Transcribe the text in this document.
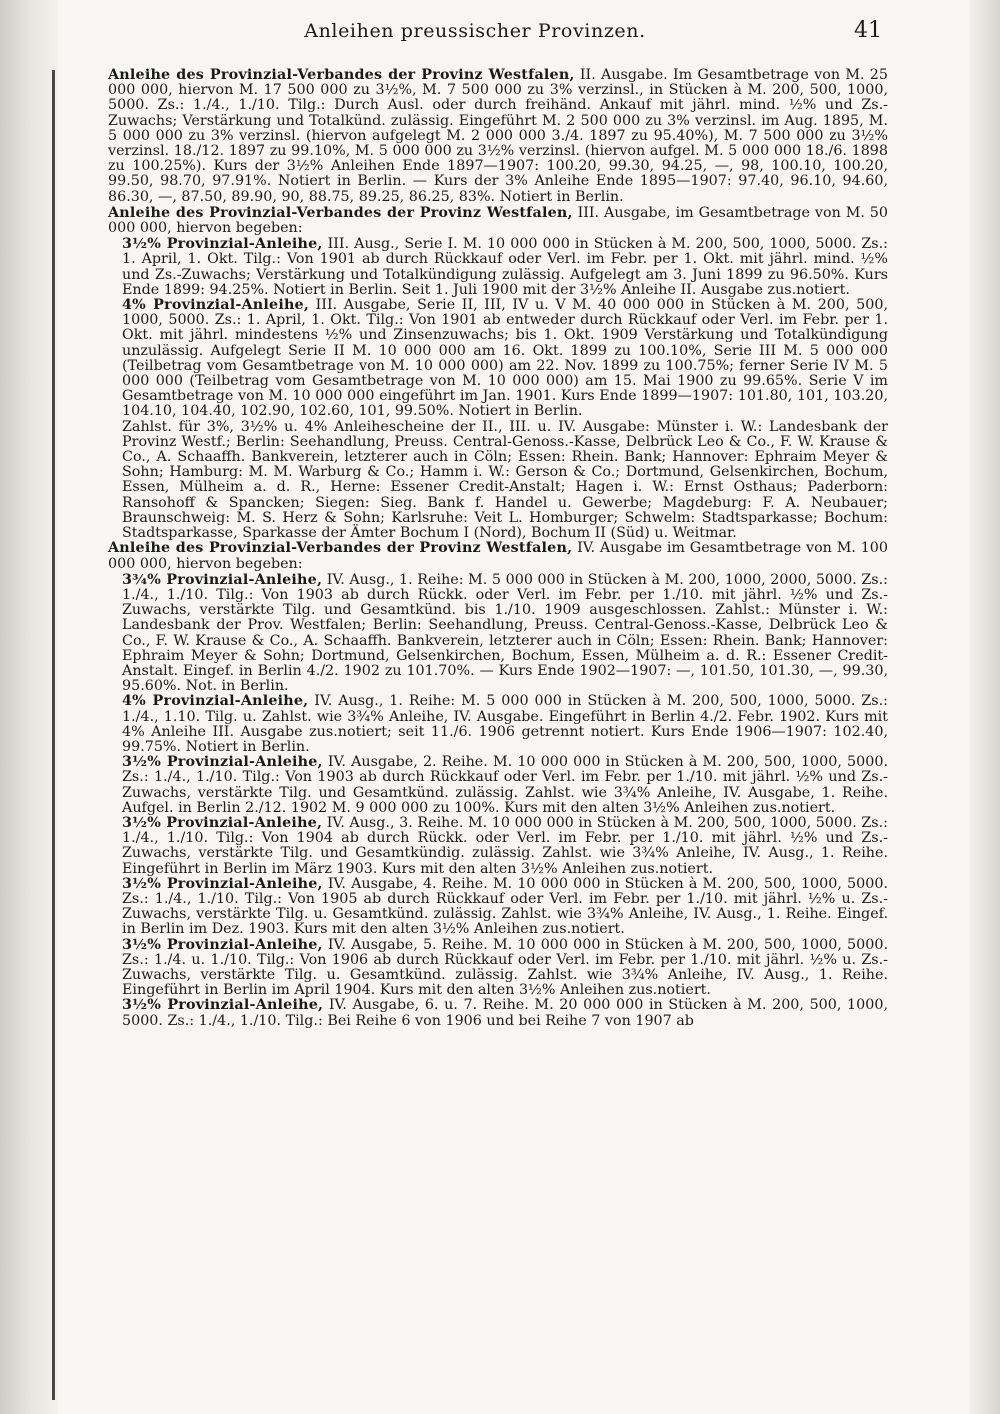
Anleihen preussischer Provinzen.	41

Anleihe des Provinzial-Verbandes der Provinz Westfalen, II. Ausgabe. Im Gesamtbetrage von M. 25 000 000, hiervon M. 17 500 000 zu 3½%, M. 7 500 000 zu 3% verzinsl., in Stücken à M. 200, 500, 1000, 5000. Zs.: 1./4., 1./10. Tilg.: Durch Ausl. oder durch freihänd. Ankauf mit jährl. mind. ½% und Zs.-Zuwachs; Verstärkung und Totalkünd. zulässig. Eingeführt M. 2 500 000 zu 3% verzinsl. im Aug. 1895, M. 5 000 000 zu 3% verzinsl. (hiervon aufgelegt M. 2 000 000 3./4. 1897 zu 95.40%), M. 7 500 000 zu 3½% verzinsl. 18./12. 1897 zu 99.10%, M. 5 000 000 zu 3½% verzinsl. (hiervon aufgel. M. 5 000 000 18./6. 1898 zu 100.25%). Kurs der 3½% Anleihen Ende 1897—1907: 100.20, 99.30, 94.25, —, 98, 100.10, 100.20, 99.50, 98.70, 97.91%. Notiert in Berlin. — Kurs der 3% Anleihe Ende 1895—1907: 97.40, 96.10, 94.60, 86.30, —, 87.50, 89.90, 90, 88.75, 89.25, 86.25, 83%. Notiert in Berlin.

Anleihe des Provinzial-Verbandes der Provinz Westfalen, III. Ausgabe, im Gesamtbetrage von M. 50 000 000, hiervon begeben:

3½% Provinzial-Anleihe, III. Ausg., Serie I. M. 10 000 000 in Stücken à M. 200, 500, 1000, 5000. Zs.: 1. April, 1. Okt. Tilg.: Von 1901 ab durch Rückkauf oder Verl. im Febr. per 1. Okt. mit jährl. mind. ½% und Zs.-Zuwachs; Verstärkung und Totalkündigung zulässig. Aufgelegt am 3. Juni 1899 zu 96.50%. Kurs Ende 1899: 94.25%. Notiert in Berlin. Seit 1. Juli 1900 mit der 3½% Anleihe II. Ausgabe zus.notiert.

4% Provinzial-Anleihe, III. Ausgabe, Serie II, III, IV u. V M. 40 000 000 in Stücken à M. 200, 500, 1000, 5000. Zs.: 1. April, 1. Okt. Tilg.: Von 1901 ab entweder durch Rückkauf oder Verl. im Febr. per 1. Okt. mit jährl. mindestens ½% und Zinsenzuwachs; bis 1. Okt. 1909 Verstärkung und Totalkündigung unzulässig. Aufgelegt Serie II M. 10 000 000 am 16. Okt. 1899 zu 100.10%, Serie III M. 5 000 000 (Teilbetrag vom Gesamtbetrage von M. 10 000 000) am 22. Nov. 1899 zu 100.75%; ferner Serie IV M. 5 000 000 (Teilbetrag vom Gesamtbetrage von M. 10 000 000) am 15. Mai 1900 zu 99.65%. Serie V im Gesamtbetrage von M. 10 000 000 eingeführt im Jan. 1901. Kurs Ende 1899—1907: 101.80, 101, 103.20, 104.10, 104.40, 102.90, 102.60, 101, 99.50%. Notiert in Berlin.

Zahlst. für 3%, 3½% u. 4% Anleihescheine der II., III. u. IV. Ausgabe: Münster i. W.: Landesbank der Provinz Westf.; Berlin: Seehandlung, Preuss. Central-Genoss.-Kasse, Delbrück Leo & Co., F. W. Krause & Co., A. Schaaffh. Bankverein, letzterer auch in Cöln; Essen: Rhein. Bank; Hannover: Ephraim Meyer & Sohn; Hamburg: M. M. Warburg & Co.; Hamm i. W.: Gerson & Co.; Dortmund, Gelsenkirchen, Bochum, Essen, Mülheim a. d. R., Herne: Essener Credit-Anstalt; Hagen i. W.: Ernst Osthaus; Paderborn: Ransohoff & Spancken; Siegen: Sieg. Bank f. Handel u. Gewerbe; Magdeburg: F. A. Neubauer; Braunschweig: M. S. Herz & Sohn; Karlsruhe: Veit L. Homburger; Schwelm: Stadtsparkasse; Bochum: Stadtsparkasse, Sparkasse der Ämter Bochum I (Nord), Bochum II (Süd) u. Weitmar.

Anleihe des Provinzial-Verbandes der Provinz Westfalen, IV. Ausgabe im Gesamtbetrage von M. 100 000 000, hiervon begeben:

3¾% Provinzial-Anleihe, IV. Ausg., 1. Reihe: M. 5 000 000 in Stücken à M. 200, 1000, 2000, 5000. Zs.: 1./4., 1./10. Tilg.: Von 1903 ab durch Rückk. oder Verl. im Febr. per 1./10. mit jährl. ½% und Zs.-Zuwachs, verstärkte Tilg. und Gesamtkünd. bis 1./10. 1909 ausgeschlossen. Zahlst.: Münster i. W.: Landesbank der Prov. Westfalen; Berlin: Seehandlung, Preuss. Central-Genoss.-Kasse, Delbrück Leo & Co., F. W. Krause & Co., A. Schaaffh. Bankverein, letzterer auch in Cöln; Essen: Rhein. Bank; Hannover: Ephraim Meyer & Sohn; Dortmund, Gelsenkirchen, Bochum, Essen, Mülheim a. d. R.: Essener Credit-Anstalt. Eingef. in Berlin 4./2. 1902 zu 101.70%. — Kurs Ende 1902—1907: —, 101.50, 101.30, —, 99.30, 95.60%. Not. in Berlin.

4% Provinzial-Anleihe, IV. Ausg., 1. Reihe: M. 5 000 000 in Stücken à M. 200, 500, 1000, 5000. Zs.: 1./4., 1.10. Tilg. u. Zahlst. wie 3¾% Anleihe, IV. Ausgabe. Eingeführt in Berlin 4./2. Febr. 1902. Kurs mit 4% Anleihe III. Ausgabe zus.notiert; seit 11./6. 1906 getrennt notiert. Kurs Ende 1906—1907: 102.40, 99.75%. Notiert in Berlin.

3½% Provinzial-Anleihe, IV. Ausgabe, 2. Reihe. M. 10 000 000 in Stücken à M. 200, 500, 1000, 5000. Zs.: 1./4., 1./10. Tilg.: Von 1903 ab durch Rückkauf oder Verl. im Febr. per 1./10. mit jährl. ½% und Zs.-Zuwachs, verstärkte Tilg. und Gesamtkünd. zulässig. Zahlst. wie 3¾% Anleihe, IV. Ausgabe, 1. Reihe. Aufgel. in Berlin 2./12. 1902 M. 9 000 000 zu 100%. Kurs mit den alten 3½% Anleihen zus.notiert.

3½% Provinzial-Anleihe, IV. Ausg., 3. Reihe. M. 10 000 000 in Stücken à M. 200, 500, 1000, 5000. Zs.: 1./4., 1./10. Tilg.: Von 1904 ab durch Rückk. oder Verl. im Febr. per 1./10. mit jährl. ½% und Zs.-Zuwachs, verstärkte Tilg. und Gesamtkündig. zulässig. Zahlst. wie 3¾% Anleihe, IV. Ausg., 1. Reihe. Eingeführt in Berlin im März 1903. Kurs mit den alten 3½% Anleihen zus.notiert.

3½% Provinzial-Anleihe, IV. Ausgabe, 4. Reihe. M. 10 000 000 in Stücken à M. 200, 500, 1000, 5000. Zs.: 1./4., 1./10. Tilg.: Von 1905 ab durch Rückkauf oder Verl. im Febr. per 1./10. mit jährl. ½% u. Zs.-Zuwachs, verstärkte Tilg. u. Gesamtkünd. zulässig. Zahlst. wie 3¾% Anleihe, IV. Ausg., 1. Reihe. Eingef. in Berlin im Dez. 1903. Kurs mit den alten 3½% Anleihen zus.notiert.

3½% Provinzial-Anleihe, IV. Ausgabe, 5. Reihe. M. 10 000 000 in Stücken à M. 200, 500, 1000, 5000. Zs.: 1./4. u. 1./10. Tilg.: Von 1906 ab durch Rückkauf oder Verl. im Febr. per 1./10. mit jährl. ½% u. Zs.-Zuwachs, verstärkte Tilg. u. Gesamtkünd. zulässig. Zahlst. wie 3¾% Anleihe, IV. Ausg., 1. Reihe. Eingeführt in Berlin im April 1904. Kurs mit den alten 3½% Anleihen zus.notiert.

3½% Provinzial-Anleihe, IV. Ausgabe, 6. u. 7. Reihe. M. 20 000 000 in Stücken à M. 200, 500, 1000, 5000. Zs.: 1./4., 1./10. Tilg.: Bei Reihe 6 von 1906 und bei Reihe 7 von 1907 ab
